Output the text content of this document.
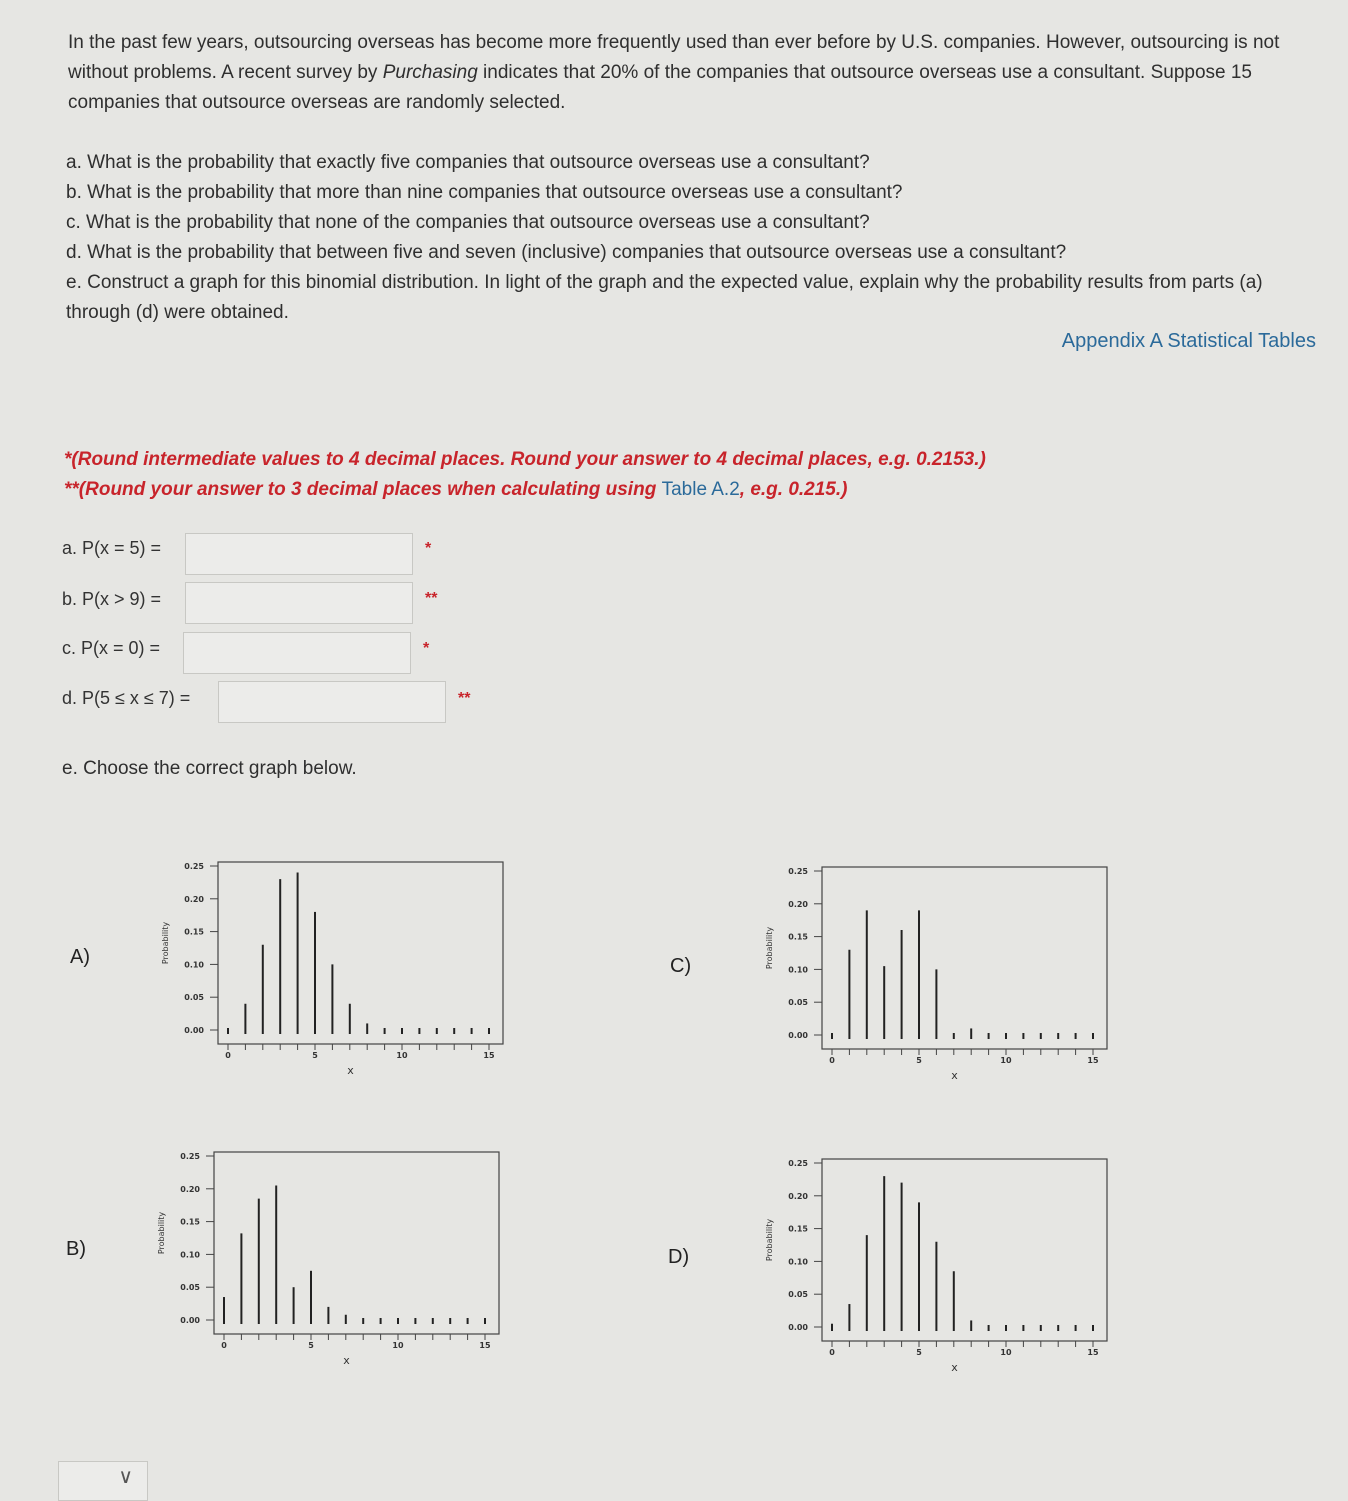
In the past few years, outsourcing overseas has become more frequently used than ever before by U.S. companies. However, outsourcing is not without problems. A recent survey by Purchasing indicates that 20% of the companies that outsource overseas use a consultant. Suppose 15 companies that outsource overseas are randomly selected.
a. What is the probability that exactly five companies that outsource overseas use a consultant?
b. What is the probability that more than nine companies that outsource overseas use a consultant?
c. What is the probability that none of the companies that outsource overseas use a consultant?
d. What is the probability that between five and seven (inclusive) companies that outsource overseas use a consultant?
e. Construct a graph for this binomial distribution. In light of the graph and the expected value, explain why the probability results from parts (a) through (d) were obtained.
Appendix A Statistical Tables
*(Round intermediate values to 4 decimal places. Round your answer to 4 decimal places, e.g. 0.2153.)
**(Round your answer to 3 decimal places when calculating using Table A.2, e.g. 0.215.)
a. P(x = 5) =	*
b. P(x > 9) =	**
c. P(x = 0) =	*
d. P(5 ≤ x ≤ 7) =	**
e. Choose the correct graph below.
A)
B)
C)
D)
0.00
0.05
0.10
0.15
0.20
0.25
Probability
0	5	10	15
x
0.00
0.05
0.10
0.15
0.20
0.25
Probability
0	5	10	15
x
0.00
0.05
0.10
0.15
0.20
0.25
Probability
0	5	10	15
x
0.00
0.05
0.10
0.15
0.20
0.25
Probability
0	5	10	15
x
∨
